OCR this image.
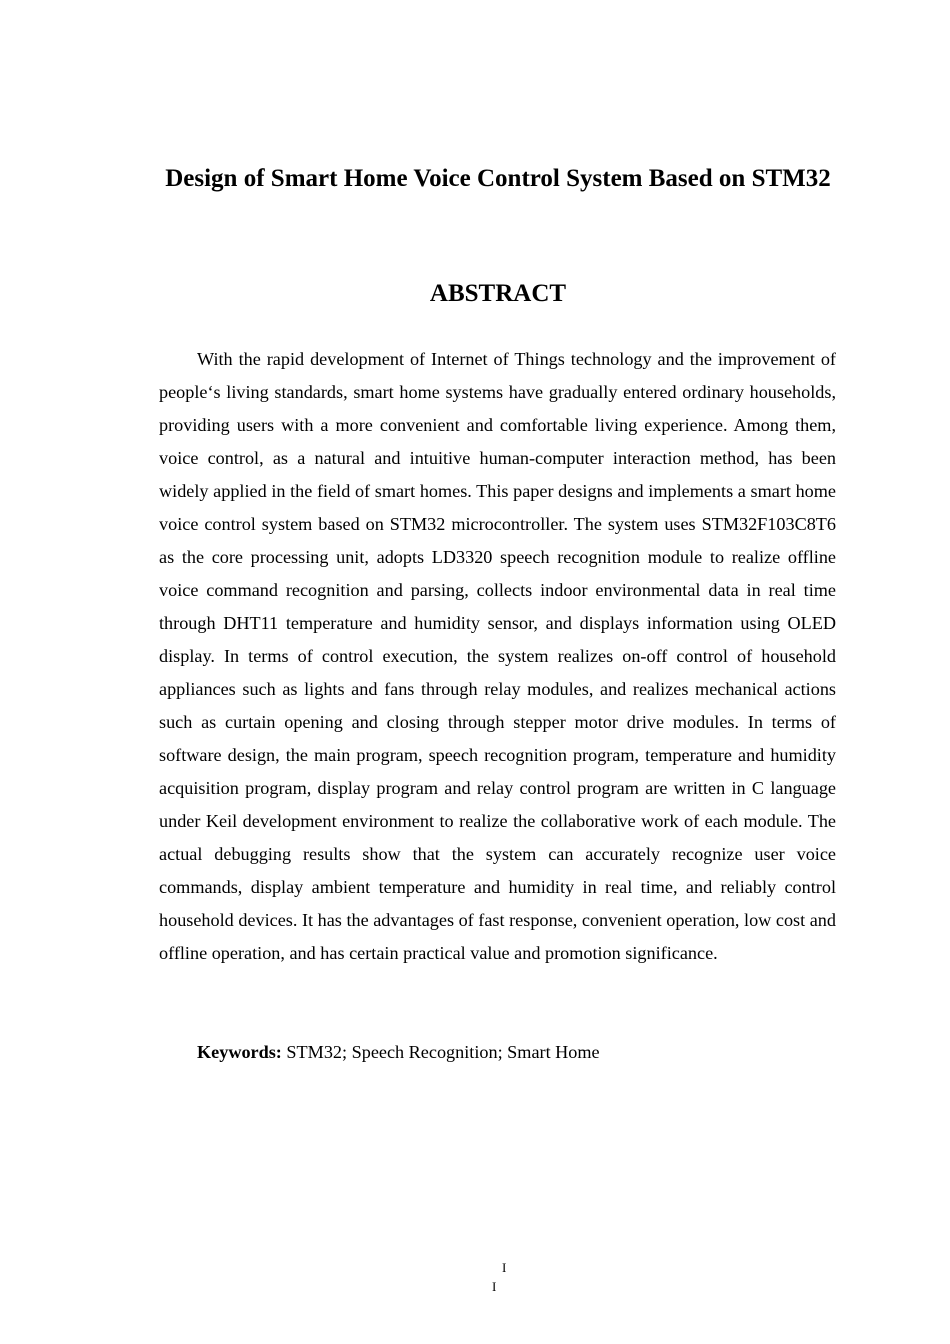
Design of Smart Home Voice Control System Based on STM32
ABSTRACT

With the rapid development of Internet of Things technology and the improvement of people‘s living standards, smart home systems have gradually entered ordinary households, providing users with a more convenient and comfortable living experience. Among them, voice control, as a natural and intuitive human-computer interaction method, has been widely applied in the field of smart homes. This paper designs and implements a smart home voice control system based on STM32 microcontroller. The system uses STM32F103C8T6 as the core processing unit, adopts LD3320 speech recognition module to realize offline voice command recognition and parsing, collects indoor environmental data in real time through DHT11 temperature and humidity sensor, and displays information using OLED display. In terms of control execution, the system realizes on-off control of household appliances such as lights and fans through relay modules, and realizes mechanical actions such as curtain opening and closing through stepper motor drive modules. In terms of software design, the main program, speech recognition program, temperature and humidity acquisition program, display program and relay control program are written in C language under Keil development environment to realize the collaborative work of each module. The actual debugging results show that the system can accurately recognize user voice commands, display ambient temperature and humidity in real time, and reliably control household devices. It has the advantages of fast response, convenient operation, low cost and offline operation, and has certain practical value and promotion significance.

Keywords: STM32; Speech Recognition; Smart Home

I
I
